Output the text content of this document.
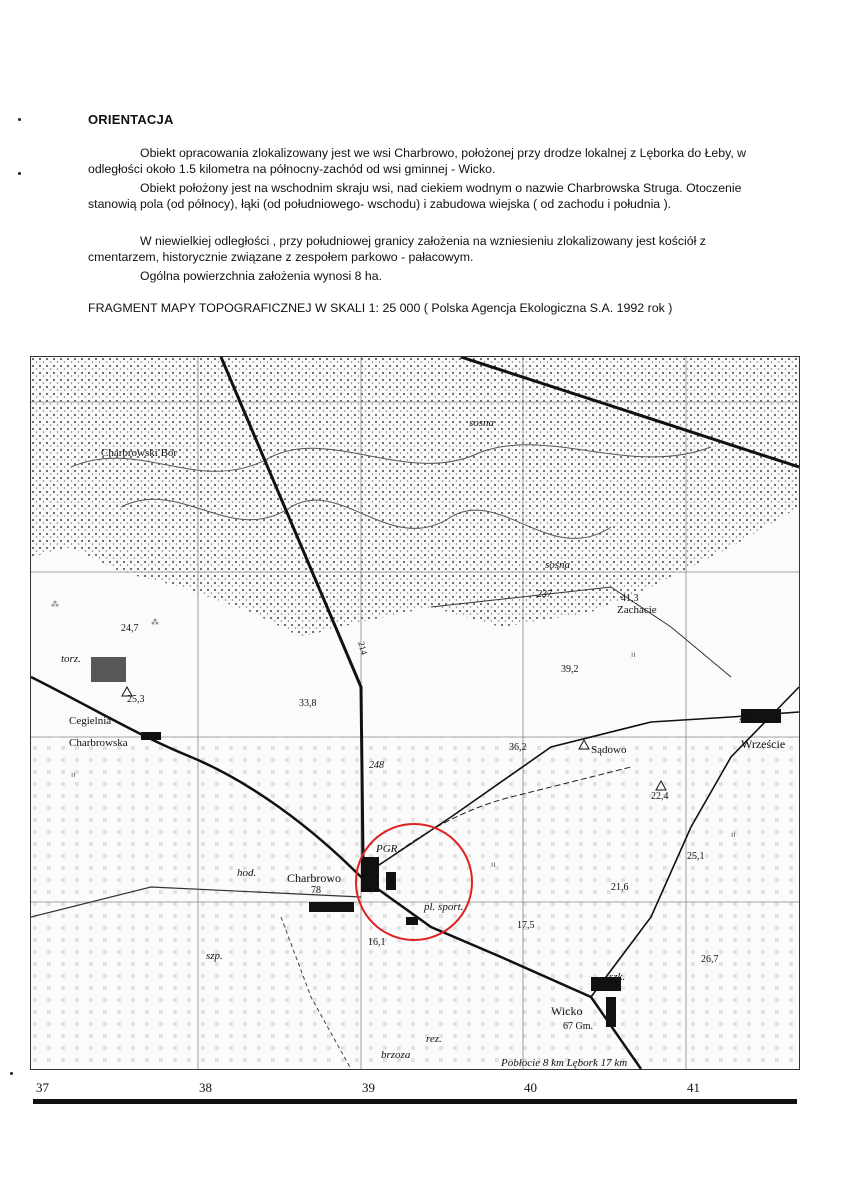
ORIENTACJA
Obiekt opracowania zlokalizowany jest we wsi Charbrowo, położonej przy drodze lokalnej z Lęborka do Łeby, w odległości około 1.5 kilometra na północny-zachód od wsi gminnej - Wicko.
Obiekt położony jest na wschodnim skraju wsi, nad ciekiem wodnym o nazwie Charbrowska Struga. Otoczenie stanowią pola (od północy), łąki (od południowego- wschodu) i zabudowa wiejska ( od zachodu i południa ).
W niewielkiej odległości , przy południowej granicy założenia na wzniesieniu zlokalizowany jest kościół z cmentarzem, historycznie związane z zespołem parkowo - pałacowym.
Ogólna powierzchnia założenia wynosi 8 ha.
FRAGMENT MAPY TOPOGRAFICZNEJ W SKALI 1: 25 000 ( Polska Agencja Ekologiczna S.A. 1992 rok )
⁂
⁂
ıı
ıı
ıı
ıı
Charbrowski Bór
Cegielnia
Charbrowska
Charbrowo
Zachacie
Sądowo	Wrzeście
Wicko
PGR
pl. sport.
brzoza
rez.
sosna
sosna
szk.
szk.
szp.
hod.
torz.
214
24,7
25,3	33,8
36,2
39,2
41,3
22,4
25,1
21,6
17,5
16,1
26,7
248
237
78
67 Gm.
Pobłocie 8 km Lębork 17 km
37	38	39	40	41
